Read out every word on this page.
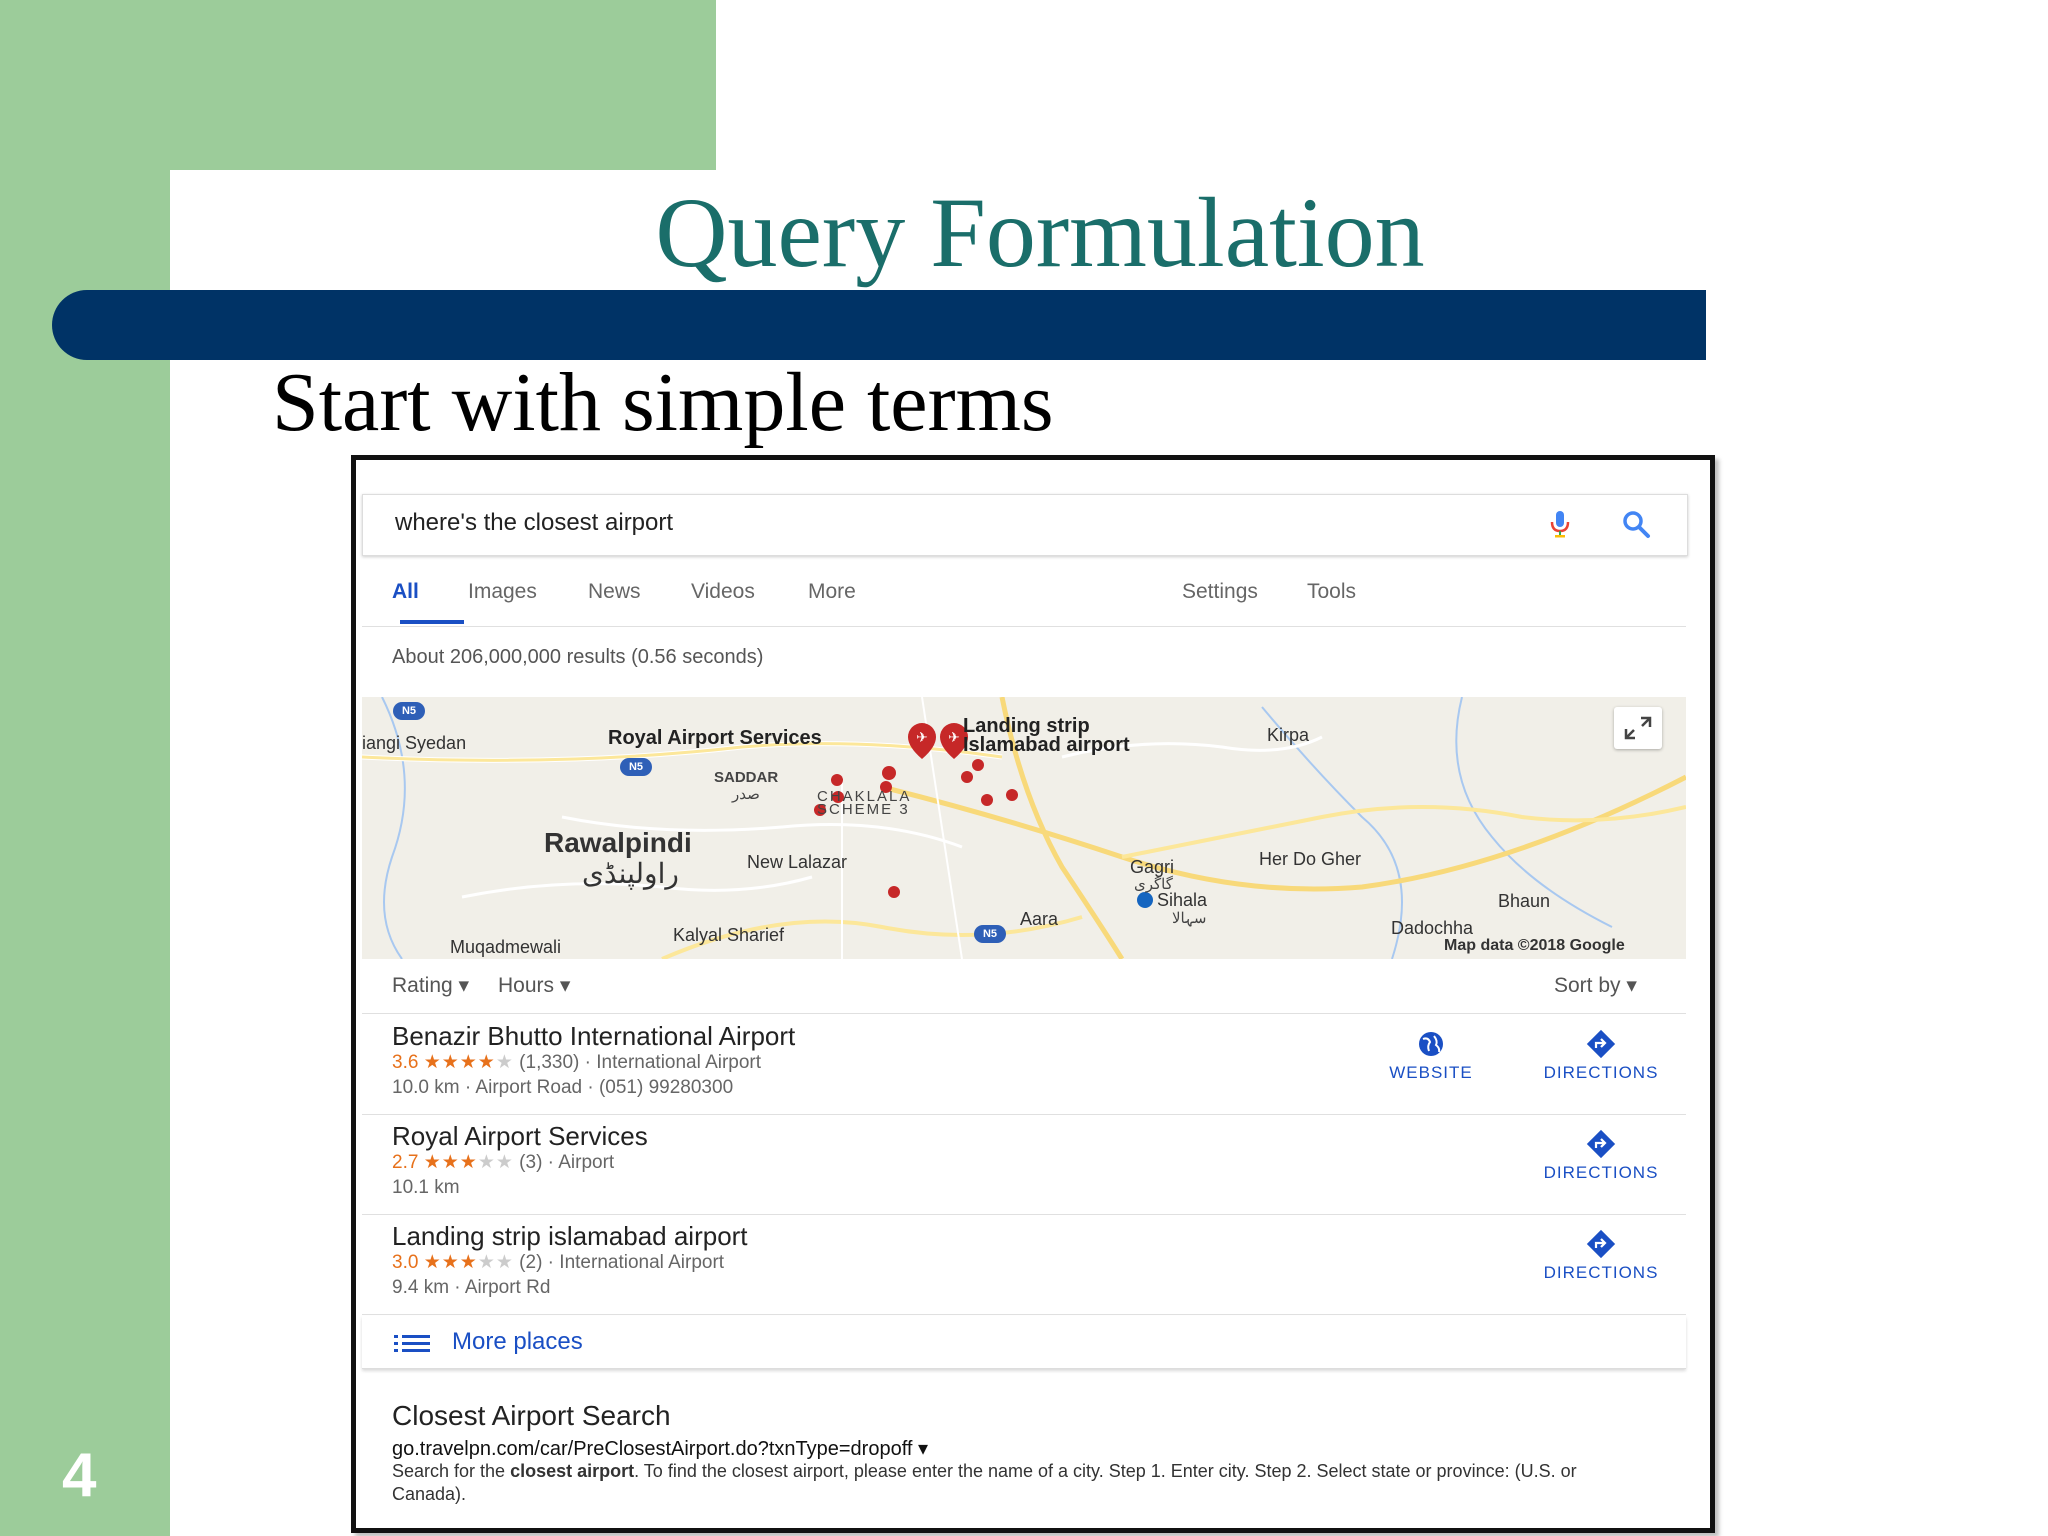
Query Formulation
Start with simple terms
4
where's the closest airport
All Images News Videos	More	Settings Tools
About 206,000,000 results (0.56 seconds)
✈ ✈
N5
N5
N5
iangi Syedan	Royal Airport Services
Landing strip
Islamabad airport	Kirpa
SADDAR
صدر	CHAKLALA
SCHEME 3
Rawalpindi
راولپنڈی	New Lalazar	Gagri
گاگری
Sihala
سہالا
Her Do Gher
Bhaun
Dadochha
Aara
Kalyal Sharief
Muqadmewali	Map data ©2018 Google
Rating ▾ Hours ▾	Sort by ▾
Benazir Bhutto International Airport
3.6 ★★★★★ (1,330) · International Airport
10.0 km · Airport Road · (051) 99280300
WEBSITE	DIRECTIONS
Royal Airport Services
2.7 ★★★★★ (3) · Airport
10.1 km
DIRECTIONS
Landing strip islamabad airport
3.0 ★★★★★ (2) · International Airport
9.4 km · Airport Rd
DIRECTIONS
More places
Closest Airport Search
go.travelpn.com/car/PreClosestAirport.do?txnType=dropoff ▾
Search for the closest airport. To find the closest airport, please enter the name of a city. Step 1. Enter city. Step 2. Select state or province: (U.S. or Canada).
